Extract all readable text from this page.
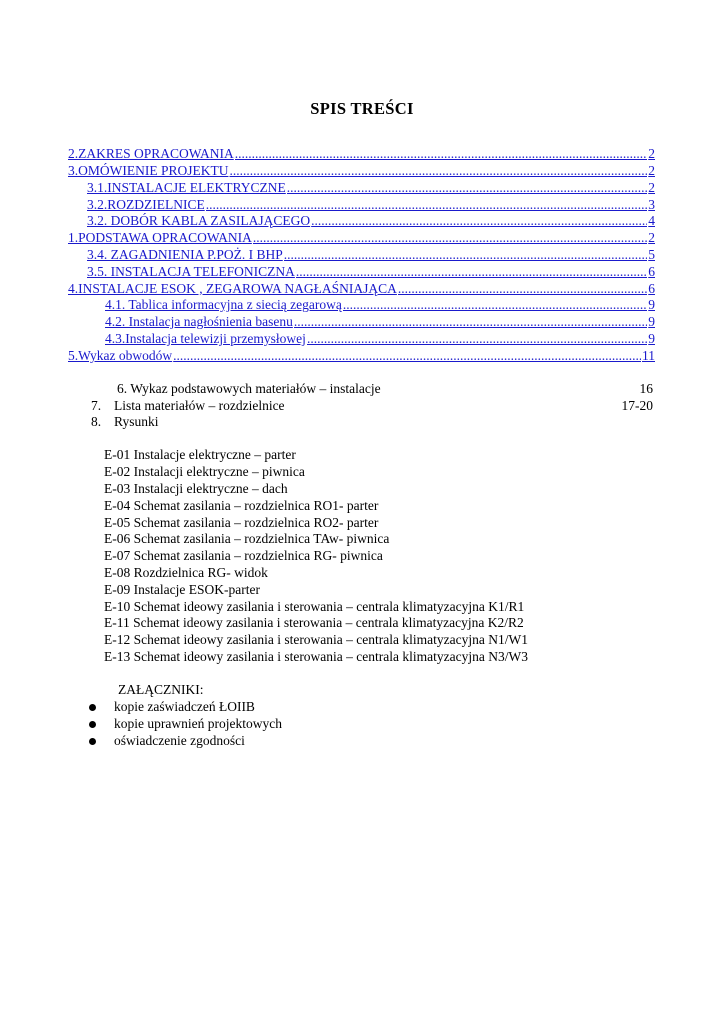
SPIS TREŚCI
2.ZAKRES OPRACOWANIA .....	2
3.OMÓWIENIE PROJEKTU .....	2
3.1.INSTALACJE ELEKTRYCZNE .....	2
3.2.ROZDZIELNICE .....	3
3.2. DOBÓR KABLA ZASILAJĄCEGO .....	4
1.PODSTAWA OPRACOWANIA .....	2
3.4. ZAGADNIENIA P.POŻ. I BHP .....	5
3.5. INSTALACJA TELEFONICZNA .....	6
4.INSTALACJE ESOK , ZEGAROWA NAGŁAŚNIAJĄCA .....	6
4.1. Tablica informacyjna z siecią zegarową .....	9
4.2. Instalacja nagłośnienia basenu .....	9
4.3.Instalacja telewizji przemysłowej .....	9
5.Wykaz obwodów .....	11
6. Wykaz podstawowych materiałów – instalacje	16
7. Lista materiałów – rozdzielnice	17-20
8. Rysunki
E-01 Instalacje elektryczne – parter
E-02 Instalacji elektryczne – piwnica
E-03 Instalacji elektryczne – dach
E-04 Schemat zasilania – rozdzielnica RO1- parter
E-05 Schemat zasilania – rozdzielnica RO2- parter
E-06 Schemat zasilania – rozdzielnica TAw- piwnica
E-07 Schemat zasilania – rozdzielnica RG- piwnica
E-08 Rozdzielnica RG- widok
E-09 Instalacje ESOK-parter
E-10 Schemat ideowy zasilania i sterowania – centrala klimatyzacyjna K1/R1
E-11 Schemat ideowy zasilania i sterowania – centrala klimatyzacyjna K2/R2
E-12 Schemat ideowy zasilania i sterowania – centrala klimatyzacyjna N1/W1
E-13 Schemat ideowy zasilania i sterowania – centrala klimatyzacyjna N3/W3
ZAŁĄCZNIKI:
kopie zaświadczeń ŁOIIB
kopie uprawnień projektowych
oświadczenie zgodności
